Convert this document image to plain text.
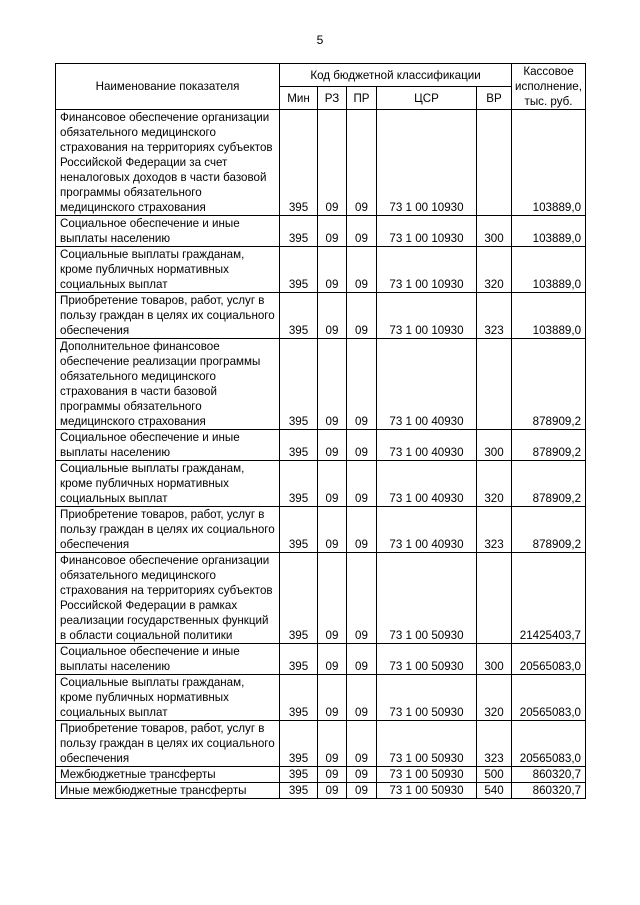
5
Наименование показателя	Код бюджетной классификации					Кассовое исполнение, тыс. руб.
	Мин	РЗ	ПР	ЦСР	ВР	
Финансовое обеспечение организации обязательного медицинского страхования на территориях субъектов Российской Федерации за счет неналоговых доходов в части базовой программы обязательного медицинского страхования	395	09	09	73 1 00 10930		103889,0
Социальное обеспечение и иные выплаты населению	395	09	09	73 1 00 10930	300	103889,0
Социальные выплаты гражданам, кроме публичных нормативных социальных выплат	395	09	09	73 1 00 10930	320	103889,0
Приобретение товаров, работ, услуг в пользу граждан в целях их социального обеспечения	395	09	09	73 1 00 10930	323	103889,0
Дополнительное финансовое обеспечение реализации программы обязательного медицинского страхования в части базовой программы обязательного медицинского страхования	395	09	09	73 1 00 40930		878909,2
Социальное обеспечение и иные выплаты населению	395	09	09	73 1 00 40930	300	878909,2
Социальные выплаты гражданам, кроме публичных нормативных социальных выплат	395	09	09	73 1 00 40930	320	878909,2
Приобретение товаров, работ, услуг в пользу граждан в целях их социального обеспечения	395	09	09	73 1 00 40930	323	878909,2
Финансовое обеспечение организации обязательного медицинского страхования на территориях субъектов Российской Федерации в рамках реализации государственных функций в области социальной политики	395	09	09	73 1 00 50930		21425403,7
Социальное обеспечение и иные выплаты населению	395	09	09	73 1 00 50930	300	20565083,0
Социальные выплаты гражданам, кроме публичных нормативных социальных выплат	395	09	09	73 1 00 50930	320	20565083,0
Приобретение товаров, работ, услуг в пользу граждан в целях их социального обеспечения	395	09	09	73 1 00 50930	323	20565083,0
Межбюджетные трансферты	395	09	09	73 1 00 50930	500	860320,7
Иные межбюджетные трансферты	395	09	09	73 1 00 50930	540	860320,7
